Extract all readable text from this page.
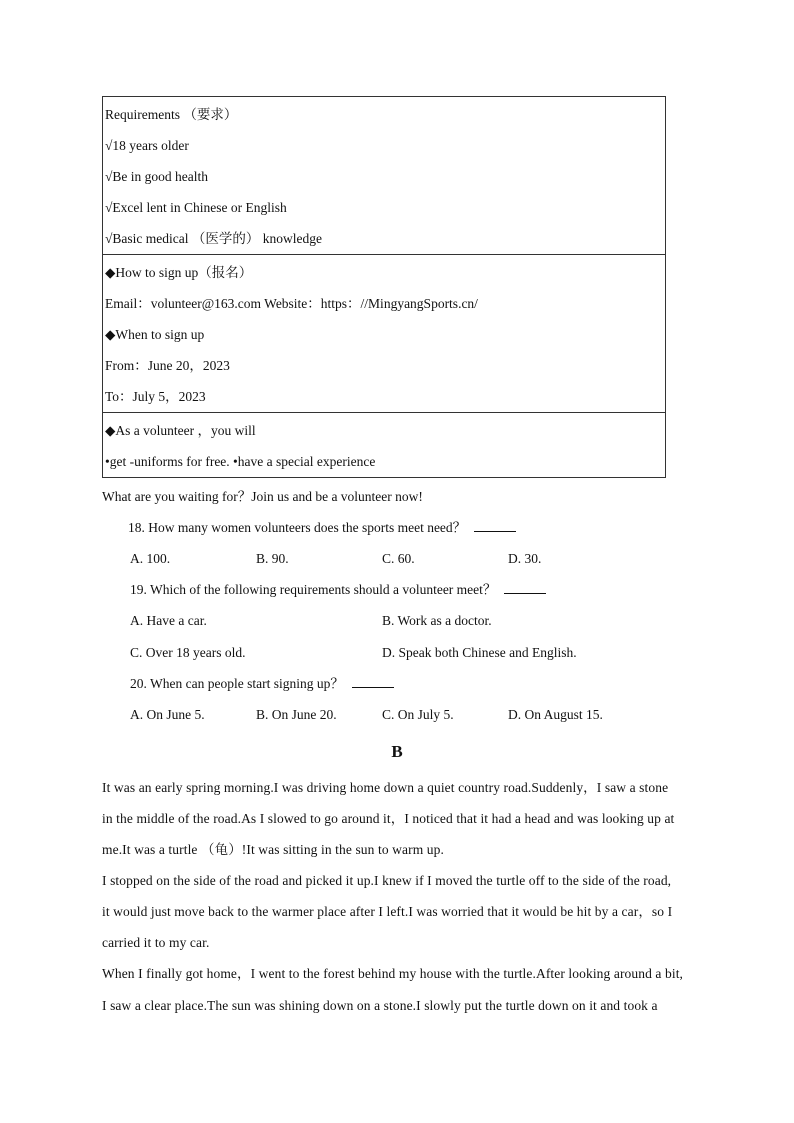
Requirements （要求）
√18 years older
√Be in good health
√Excel lent in Chinese or English
√Basic medical （医学的） knowledge
◆How to sign up（报名）
Email：volunteer@163.com Website：https：//MingyangSports.cn/
◆When to sign up
From：June 20，2023
To：July 5，2023
◆As a volunteer ，you will
•get -uniforms for free. •have a special experience
What are you waiting for？Join us and be a volunteer now!
18. How many women volunteers does the sports meet need？
A. 100.	B. 90.	C. 60.	D. 30.
19. Which of the following requirements should a volunteer meet？
A. Have a car.	B. Work as a doctor.
C. Over 18 years old.	D. Speak both Chinese and English.
20. When can people start signing up？
A. On June 5.	B. On June 20.	C. On July 5.	D. On August 15.
B
It was an early spring morning.I was driving home down a quiet country road.Suddenly，I saw a stone
in the middle of the road.As I slowed to go around it，I noticed that it had a head and was looking up at
me.It was a turtle （龟）!It was sitting in the sun to warm up.
I stopped on the side of the road and picked it up.I knew if I moved the turtle off to the side of the road,
it would just move back to the warmer place after I left.I was worried that it would be hit by a car，so I
carried it to my car.
When I finally got home，I went to the forest behind my house with the turtle.After looking around a bit,
I saw a clear place.The sun was shining down on a stone.I slowly put the turtle down on it and took a
